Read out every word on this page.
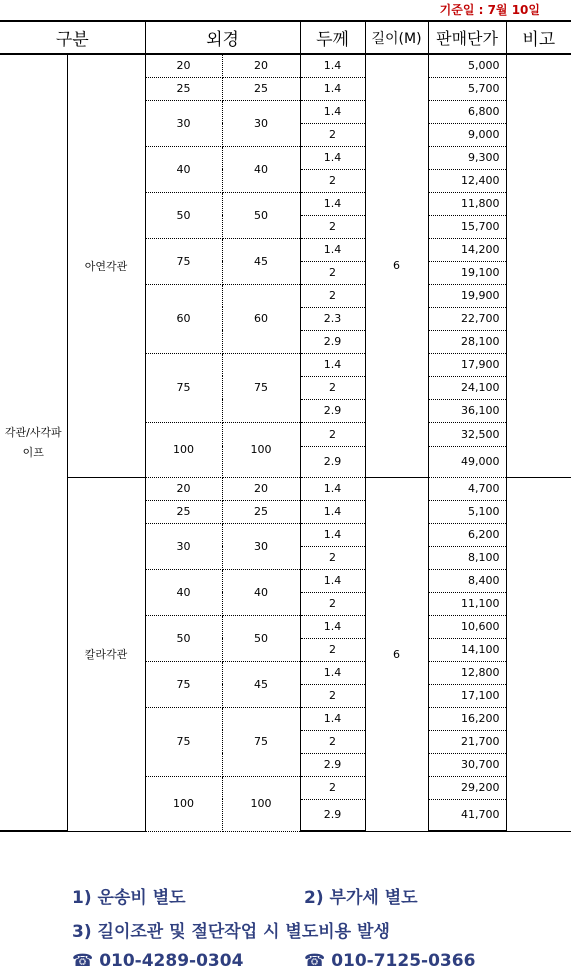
기준일 : 7월 10일
구분		외경		두께	길이(M)	판매단가	비고
각관/사각파이프	아연각관	20	20	1.4	6	5,000	
		25	25	1.4		5,700	
		30	30	1.4		6,800	
				2		9,000	
		40	40	1.4		9,300	
				2		12,400	
		50	50	1.4		11,800	
				2		15,700	
		75	45	1.4		14,200	
				2		19,100	
		60	60	2		19,900	
				2.3		22,700	
				2.9		28,100	
		75	75	1.4		17,900	
				2		24,100	
				2.9		36,100	
		100	100	2		32,500	
				2.9		49,000	
	칼라각관	20	20	1.4	6	4,700	
		25	25	1.4		5,100	
		30	30	1.4		6,200	
				2		8,100	
		40	40	1.4		8,400	
				2		11,100	
		50	50	1.4		10,600	
				2		14,100	
		75	45	1.4		12,800	
				2		17,100	
		75	75	1.4		16,200	
				2		21,700	
				2.9		30,700	
		100	100	2		29,200	
				2.9		41,700	
1) 운송비 별도	2) 부가세 별도
3) 길이조관 및 절단작업 시 별도비용 발생
☎ 010-4289-0304	☎ 010-7125-0366
